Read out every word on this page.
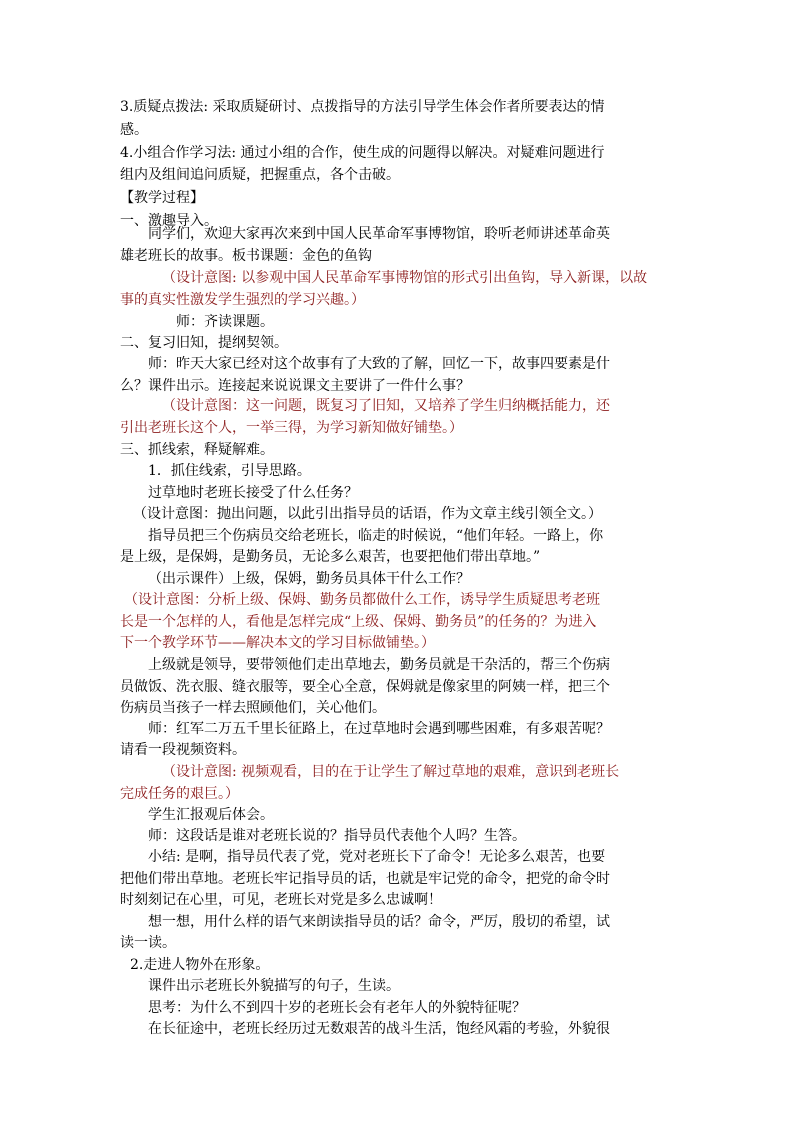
3.质疑点拨法: 采取质疑研讨、点拨指导的方法引导学生体会作者所要表达的情
感。
4.小组合作学习法: 通过小组的合作，使生成的问题得以解决。对疑难问题进行
组内及组间追问质疑，把握重点，各个击破。
【教学过程】
一、激趣导入。
同学们，欢迎大家再次来到中国人民革命军事博物馆，聆听老师讲述革命英
雄老班长的故事。板书课题：金色的鱼钩
（设计意图: 以参观中国人民革命军事博物馆的形式引出鱼钩，导入新课，以故
事的真实性激发学生强烈的学习兴趣。）
师：齐读课题。
二、复习旧知，提纲契领。
师：昨天大家已经对这个故事有了大致的了解，回忆一下，故事四要素是什
么？课件出示。连接起来说说课文主要讲了一件什么事？
（设计意图：这一问题，既复习了旧知，又培养了学生归纳概括能力，还
引出老班长这个人，一举三得，为学习新知做好铺垫。）
三、抓线索，释疑解难。
1．抓住线索，引导思路。
过草地时老班长接受了什么任务？
（设计意图：抛出问题，以此引出指导员的话语，作为文章主线引领全文。）
指导员把三个伤病员交给老班长，临走的时候说，“他们年轻。一路上，你
是上级，是保姆，是勤务员，无论多么艰苦，也要把他们带出草地。”
（出示课件）上级，保姆，勤务员具体干什么工作？
（设计意图：分析上级、保姆、勤务员都做什么工作，诱导学生质疑思考老班
长是一个怎样的人，看他是怎样完成“上级、保姆、勤务员”的任务的？为进入
下一个教学环节——解决本文的学习目标做铺垫。）
上级就是领导，要带领他们走出草地去，勤务员就是干杂活的，帮三个伤病
员做饭、洗衣服、缝衣服等，要全心全意，保姆就是像家里的阿姨一样，把三个
伤病员当孩子一样去照顾他们，关心他们。
师：红军二万五千里长征路上，在过草地时会遇到哪些困难，有多艰苦呢？
请看一段视频资料。
（设计意图: 视频观看，目的在于让学生了解过草地的艰难，意识到老班长
完成任务的艰巨。）
学生汇报观后体会。
师：这段话是谁对老班长说的？指导员代表他个人吗？生答。
小结: 是啊，指导员代表了党，党对老班长下了命令！无论多么艰苦，也要
把他们带出草地。老班长牢记指导员的话，也就是牢记党的命令，把党的命令时
时刻刻记在心里，可见，老班长对党是多么忠诚啊！
想一想，用什么样的语气来朗读指导员的话？命令，严厉，殷切的希望，试
读一读。
2.走进人物外在形象。
课件出示老班长外貌描写的句子，生读。
思考：为什么不到四十岁的老班长会有老年人的外貌特征呢？
在长征途中，老班长经历过无数艰苦的战斗生活，饱经风霜的考验，外貌很
